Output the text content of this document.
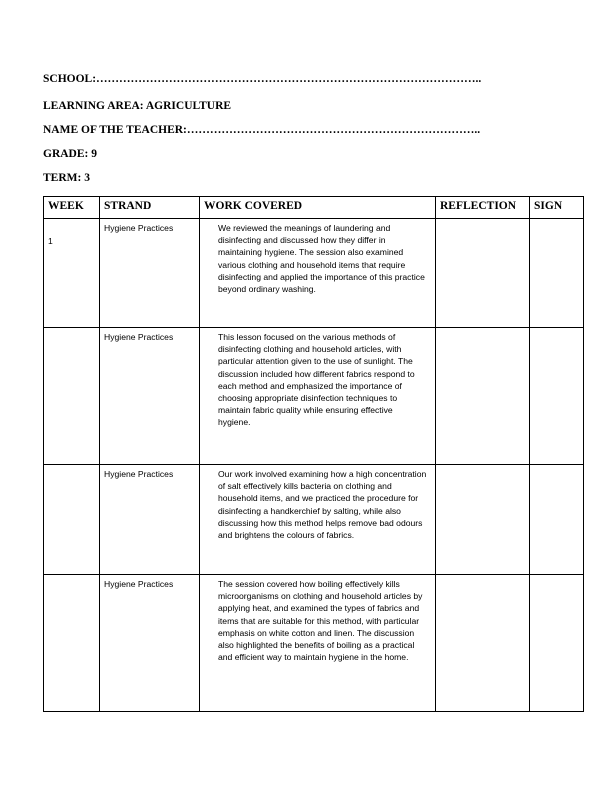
SCHOOL:………………………………………………………………………………………..
LEARNING AREA: AGRICULTURE
NAME OF THE TEACHER:…………………………………………………………………..
GRADE: 9
TERM: 3
WEEK	STRAND	WORK COVERED	REFLECTION	SIGN
1	Hygiene Practices	We reviewed the meanings of laundering and disinfecting and discussed how they differ in maintaining hygiene. The session also examined various clothing and household items that require disinfecting and applied the importance of this practice beyond ordinary washing.		

	Hygiene Practices	This lesson focused on the various methods of disinfecting clothing and household articles, with particular attention given to the use of sunlight. The discussion included how different fabrics respond to each method and emphasized the importance of choosing appropriate disinfection techniques to maintain fabric quality while ensuring effective hygiene.		

	Hygiene Practices	Our work involved examining how a high concentration of salt effectively kills bacteria on clothing and household items, and we practiced the procedure for disinfecting a handkerchief by salting, while also discussing how this method helps remove bad odours and brightens the colours of fabrics.		

	Hygiene Practices	The session covered how boiling effectively kills microorganisms on clothing and household articles by applying heat, and examined the types of fabrics and items that are suitable for this method, with particular emphasis on white cotton and linen. The discussion also highlighted the benefits of boiling as a practical and efficient way to maintain hygiene in the home.		
